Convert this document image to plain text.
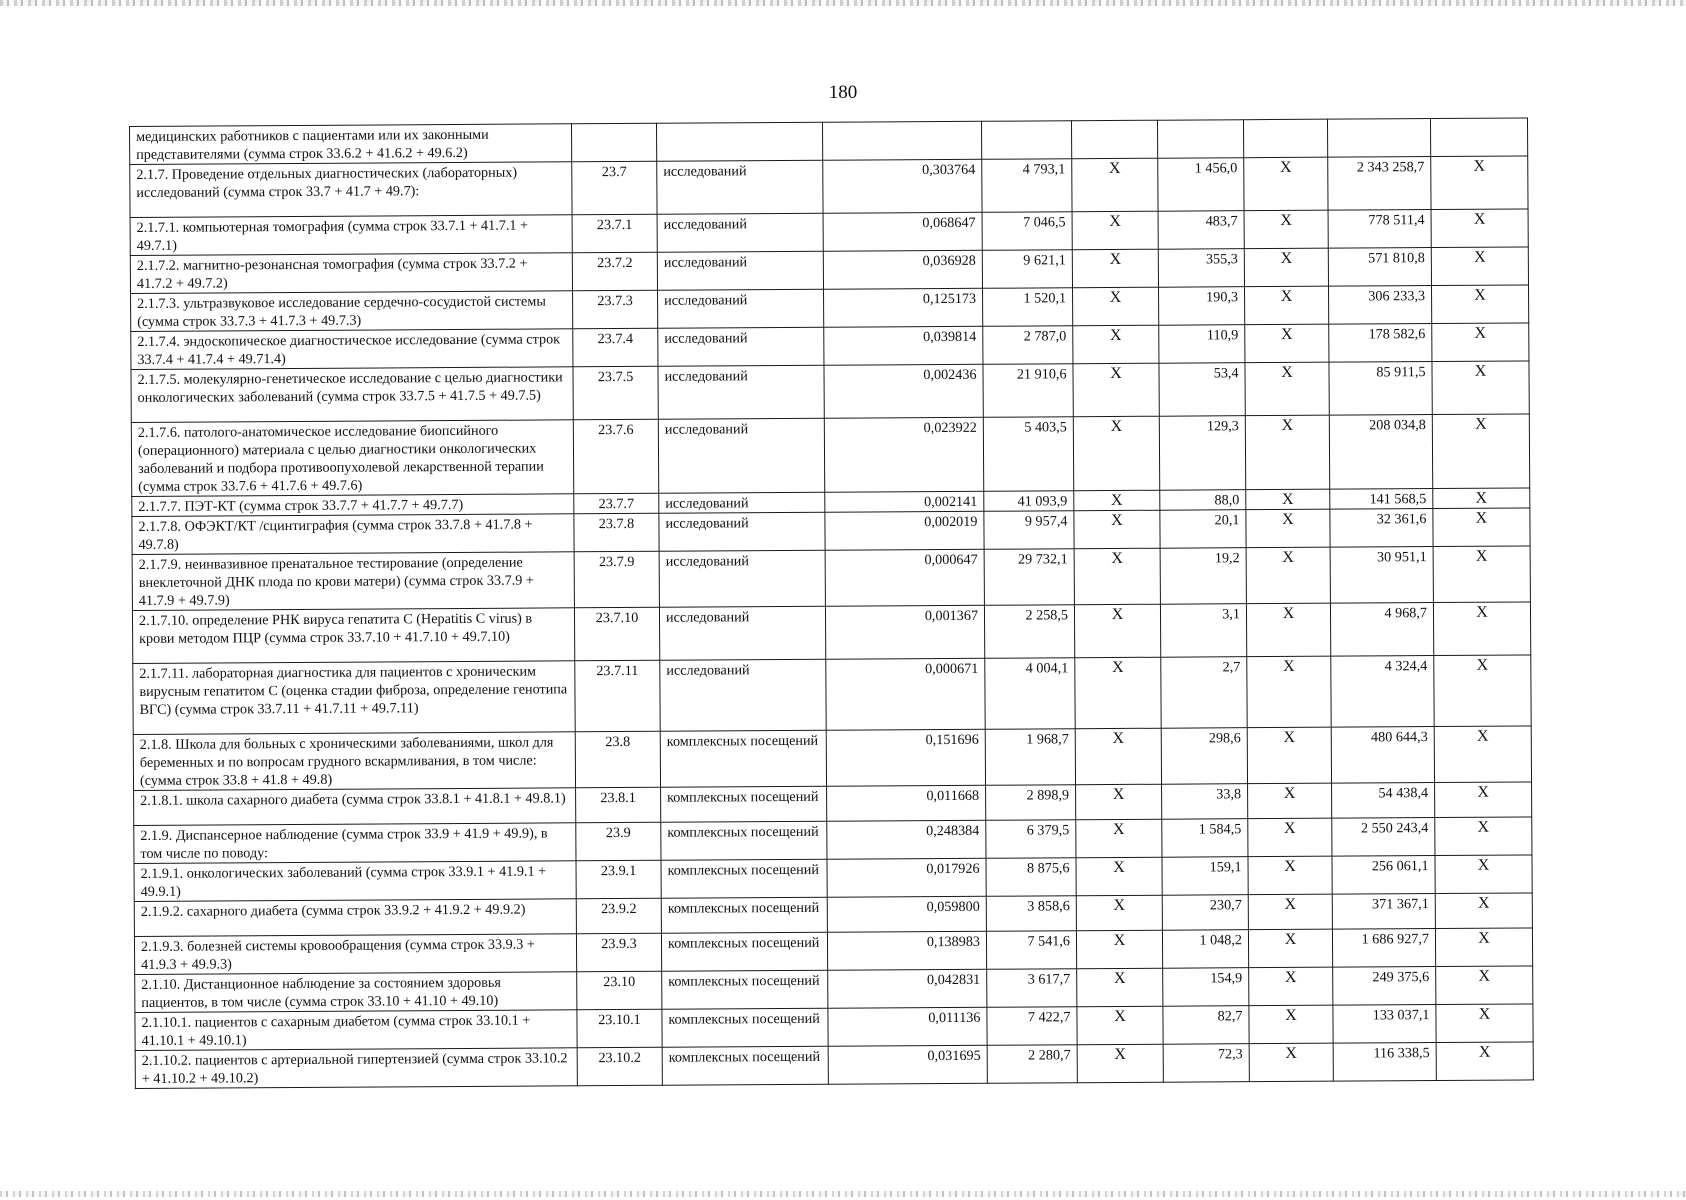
180
медицинских работников с пациентами или их законными представителями (сумма строк 33.6.2 + 41.6.2 + 49.6.2)									
2.1.7. Проведение отдельных диагностических (лабораторных) исследований (сумма строк 33.7 + 41.7 + 49.7):	23.7	исследований	0,303764	4 793,1	X	1 456,0	X	2 343 258,7	X
2.1.7.1. компьютерная томография (сумма строк 33.7.1 + 41.7.1 + 49.7.1)	23.7.1	исследований	0,068647	7 046,5	X	483,7	X	778 511,4	X
2.1.7.2. магнитно-резонансная томография (сумма строк 33.7.2 + 41.7.2 + 49.7.2)	23.7.2	исследований	0,036928	9 621,1	X	355,3	X	571 810,8	X
2.1.7.3. ультразвуковое исследование сердечно-сосудистой системы (сумма строк 33.7.3 + 41.7.3 + 49.7.3)	23.7.3	исследований	0,125173	1 520,1	X	190,3	X	306 233,3	X
2.1.7.4. эндоскопическое диагностическое исследование (сумма строк 33.7.4 + 41.7.4 + 49.71.4)	23.7.4	исследований	0,039814	2 787,0	X	110,9	X	178 582,6	X
2.1.7.5. молекулярно-генетическое исследование с целью диагностики онкологических заболеваний (сумма строк 33.7.5 + 41.7.5 + 49.7.5)	23.7.5	исследований	0,002436	21 910,6	X	53,4	X	85 911,5	X
2.1.7.6. патолого-анатомическое исследование биопсийного (операционного) материала с целью диагностики онкологических заболеваний и подбора противоопухолевой лекарственной терапии (сумма строк 33.7.6 + 41.7.6 + 49.7.6)	23.7.6	исследований	0,023922	5 403,5	X	129,3	X	208 034,8	X
2.1.7.7. ПЭТ-КТ (сумма строк 33.7.7 + 41.7.7 + 49.7.7)	23.7.7	исследований	0,002141	41 093,9	X	88,0	X	141 568,5	X
2.1.7.8. ОФЭКТ/КТ /сцинтиграфия (сумма строк 33.7.8 + 41.7.8 + 49.7.8)	23.7.8	исследований	0,002019	9 957,4	X	20,1	X	32 361,6	X
2.1.7.9. неинвазивное пренатальное тестирование (определение внеклеточной ДНК плода по крови матери) (сумма строк 33.7.9 + 41.7.9 + 49.7.9)	23.7.9	исследований	0,000647	29 732,1	X	19,2	X	30 951,1	X
2.1.7.10. определение РНК вируса гепатита С (Hepatitis C virus) в крови методом ПЦР (сумма строк 33.7.10 + 41.7.10 + 49.7.10)	23.7.10	исследований	0,001367	2 258,5	X	3,1	X	4 968,7	X
2.1.7.11. лабораторная диагностика для пациентов с хроническим вирусным гепатитом С (оценка стадии фиброза, определение генотипа ВГС) (сумма строк 33.7.11 + 41.7.11 + 49.7.11)	23.7.11	исследований	0,000671	4 004,1	X	2,7	X	4 324,4	X
2.1.8. Школа для больных с хроническими заболеваниями, школ для беременных и по вопросам грудного вскармливания, в том числе: (сумма строк 33.8 + 41.8 + 49.8)	23.8	комплексных посещений	0,151696	1 968,7	X	298,6	X	480 644,3	X
2.1.8.1. школа сахарного диабета (сумма строк 33.8.1 + 41.8.1 + 49.8.1)	23.8.1	комплексных посещений	0,011668	2 898,9	X	33,8	X	54 438,4	X
2.1.9. Диспансерное наблюдение (сумма строк 33.9 + 41.9 + 49.9), в том числе по поводу:	23.9	комплексных посещений	0,248384	6 379,5	X	1 584,5	X	2 550 243,4	X
2.1.9.1. онкологических заболеваний (сумма строк 33.9.1 + 41.9.1 + 49.9.1)	23.9.1	комплексных посещений	0,017926	8 875,6	X	159,1	X	256 061,1	X
2.1.9.2. сахарного диабета (сумма строк 33.9.2 + 41.9.2 + 49.9.2)	23.9.2	комплексных посещений	0,059800	3 858,6	X	230,7	X	371 367,1	X
2.1.9.3. болезней системы кровообращения (сумма строк 33.9.3 + 41.9.3 + 49.9.3)	23.9.3	комплексных посещений	0,138983	7 541,6	X	1 048,2	X	1 686 927,7	X
2.1.10. Дистанционное наблюдение за состоянием здоровья пациентов, в том числе (сумма строк 33.10 + 41.10 + 49.10)	23.10	комплексных посещений	0,042831	3 617,7	X	154,9	X	249 375,6	X
2.1.10.1. пациентов с сахарным диабетом (сумма строк 33.10.1 + 41.10.1 + 49.10.1)	23.10.1	комплексных посещений	0,011136	7 422,7	X	82,7	X	133 037,1	X
2.1.10.2. пациентов с артериальной гипертензией (сумма строк 33.10.2 + 41.10.2 + 49.10.2)	23.10.2	комплексных посещений	0,031695	2 280,7	X	72,3	X	116 338,5	X
